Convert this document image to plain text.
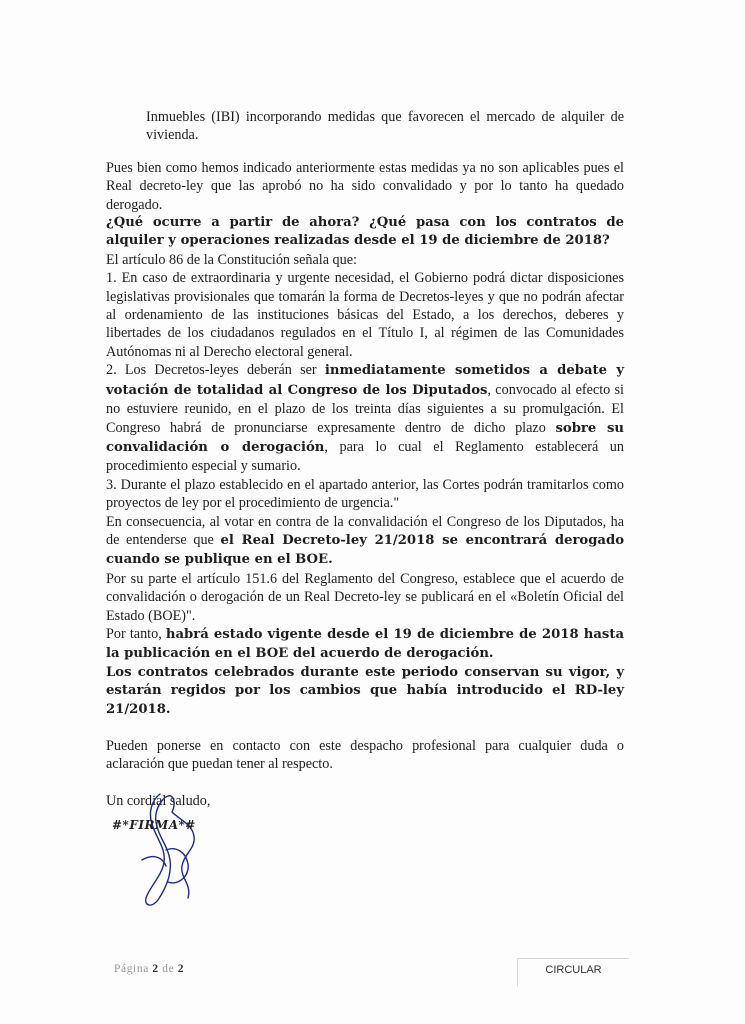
Inmuebles (IBI) incorporando medidas que favorecen el mercado de alquiler de vivienda.

Pues bien como hemos indicado anteriormente estas medidas ya no son aplicables pues el Real decreto-ley que las aprobó no ha sido convalidado y por lo tanto ha quedado derogado.

¿Qué ocurre a partir de ahora? ¿Qué pasa con los contratos de alquiler y operaciones realizadas desde el 19 de diciembre de 2018?

El artículo 86 de la Constitución señala que:

1. En caso de extraordinaria y urgente necesidad, el Gobierno podrá dictar disposiciones legislativas provisionales que tomarán la forma de Decretos-leyes y que no podrán afectar al ordenamiento de las instituciones básicas del Estado, a los derechos, deberes y libertades de los ciudadanos regulados en el Título I, al régimen de las Comunidades Autónomas ni al Derecho electoral general.

2. Los Decretos-leyes deberán ser inmediatamente sometidos a debate y votación de totalidad al Congreso de los Diputados, convocado al efecto si no estuviere reunido, en el plazo de los treinta días siguientes a su promulgación. El Congreso habrá de pronunciarse expresamente dentro de dicho plazo sobre su convalidación o derogación, para lo cual el Reglamento establecerá un procedimiento especial y sumario.

3. Durante el plazo establecido en el apartado anterior, las Cortes podrán tramitarlos como proyectos de ley por el procedimiento de urgencia."

En consecuencia, al votar en contra de la convalidación el Congreso de los Diputados, ha de entenderse que el Real Decreto-ley 21/2018 se encontrará derogado cuando se publique en el BOE.

Por su parte el artículo 151.6 del Reglamento del Congreso, establece que el acuerdo de convalidación o derogación de un Real Decreto-ley se publicará en el «Boletín Oficial del Estado (BOE)".

Por tanto, habrá estado vigente desde el 19 de diciembre de 2018 hasta la publicación en el BOE del acuerdo de derogación.

Los contratos celebrados durante este periodo conservan su vigor, y estarán regidos por los cambios que había introducido el RD-ley 21/2018.

Pueden ponerse en contacto con este despacho profesional para cualquier duda o aclaración que puedan tener al respecto.

Un cordial saludo,

#*FIRMA*#
Página 2 de 2	CIRCULAR
